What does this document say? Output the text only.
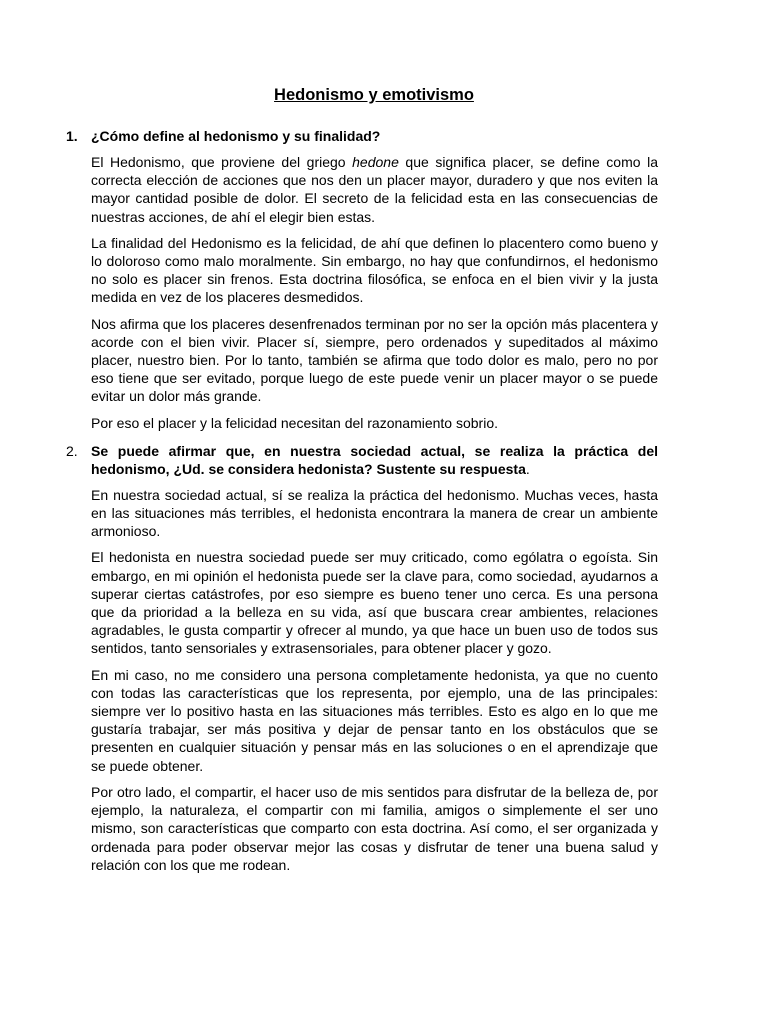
Hedonismo y emotivismo

1. ¿Cómo define al hedonismo y su finalidad?

El Hedonismo, que proviene del griego hedone que significa placer, se define como la correcta elección de acciones que nos den un placer mayor, duradero y que nos eviten la mayor cantidad posible de dolor. El secreto de la felicidad esta en las consecuencias de nuestras acciones, de ahí el elegir bien estas.

La finalidad del Hedonismo es la felicidad, de ahí que definen lo placentero como bueno y lo doloroso como malo moralmente. Sin embargo, no hay que confundirnos, el hedonismo no solo es placer sin frenos. Esta doctrina filosófica, se enfoca en el bien vivir y la justa medida en vez de los placeres desmedidos.

Nos afirma que los placeres desenfrenados terminan por no ser la opción más placentera y acorde con el bien vivir. Placer sí, siempre, pero ordenados y supeditados al máximo placer, nuestro bien. Por lo tanto, también se afirma que todo dolor es malo, pero no por eso tiene que ser evitado, porque luego de este puede venir un placer mayor o se puede evitar un dolor más grande.

Por eso el placer y la felicidad necesitan del razonamiento sobrio.

2. Se puede afirmar que, en nuestra sociedad actual, se realiza la práctica del hedonismo, ¿Ud. se considera hedonista? Sustente su respuesta.

En nuestra sociedad actual, sí se realiza la práctica del hedonismo. Muchas veces, hasta en las situaciones más terribles, el hedonista encontrara la manera de crear un ambiente armonioso.

El hedonista en nuestra sociedad puede ser muy criticado, como ególatra o egoísta. Sin embargo, en mi opinión el hedonista puede ser la clave para, como sociedad, ayudarnos a superar ciertas catástrofes, por eso siempre es bueno tener uno cerca. Es una persona que da prioridad a la belleza en su vida, así que buscara crear ambientes, relaciones agradables, le gusta compartir y ofrecer al mundo, ya que hace un buen uso de todos sus sentidos, tanto sensoriales y extrasensoriales, para obtener placer y gozo.

En mi caso, no me considero una persona completamente hedonista, ya que no cuento con todas las características que los representa, por ejemplo, una de las principales: siempre ver lo positivo hasta en las situaciones más terribles. Esto es algo en lo que me gustaría trabajar, ser más positiva y dejar de pensar tanto en los obstáculos que se presenten en cualquier situación y pensar más en las soluciones o en el aprendizaje que se puede obtener.

Por otro lado, el compartir, el hacer uso de mis sentidos para disfrutar de la belleza de, por ejemplo, la naturaleza, el compartir con mi familia, amigos o simplemente el ser uno mismo, son características que comparto con esta doctrina. Así como, el ser organizada y ordenada para poder observar mejor las cosas y disfrutar de tener una buena salud y relación con los que me rodean.
